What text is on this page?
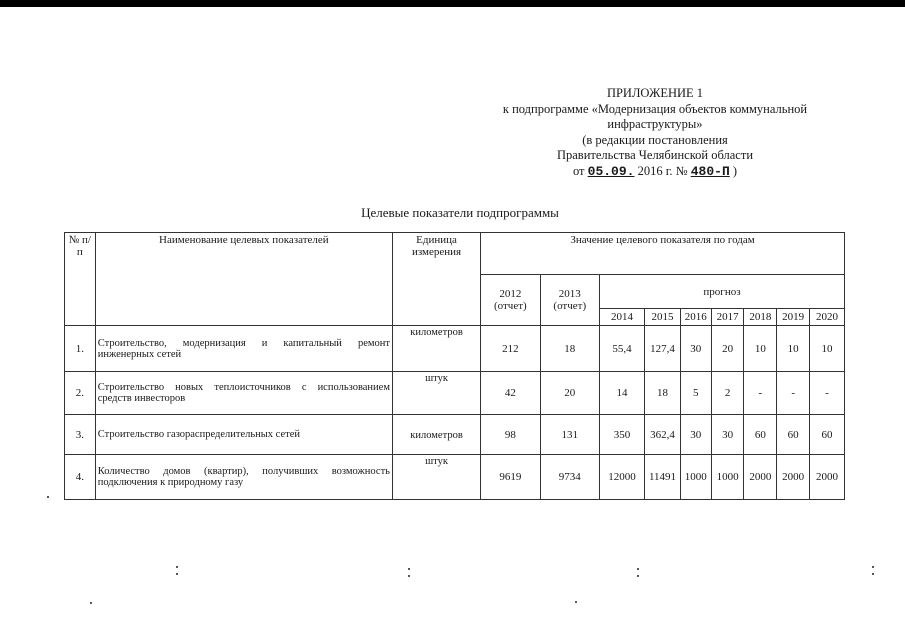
ПРИЛОЖЕНИЕ 1
к подпрограмме «Модернизация объектов коммунальной
инфраструктуры»
(в редакции постановления
Правительства Челябинской области
от 05.09. 2016 г. № 480-П )
Целевые показатели подпрограммы
№ п/п	Наименование целевых показателей	Единица измерения	Значение целевого показателя по годам								
			2012 (отчет)	2013 (отчет)	прогноз						
					2014	2015	2016	2017	2018	2019	2020
1.	Строительство, модернизация и капитальный ремонт инженерных сетей	километров	212	18	55,4	127,4	30	20	10	10	10
2.	Строительство новых теплоисточников с использованием средств инвесторов	штук	42	20	14	18	5	2	-	-	-
3.	Строительство газораспределительных сетей	километров	98	131	350	362,4	30	30	60	60	60
4.	Количество домов (квартир), получивших возможность подключения к природному газу	штук	9619	9734	12000	11491	1000	1000	2000	2000	2000
